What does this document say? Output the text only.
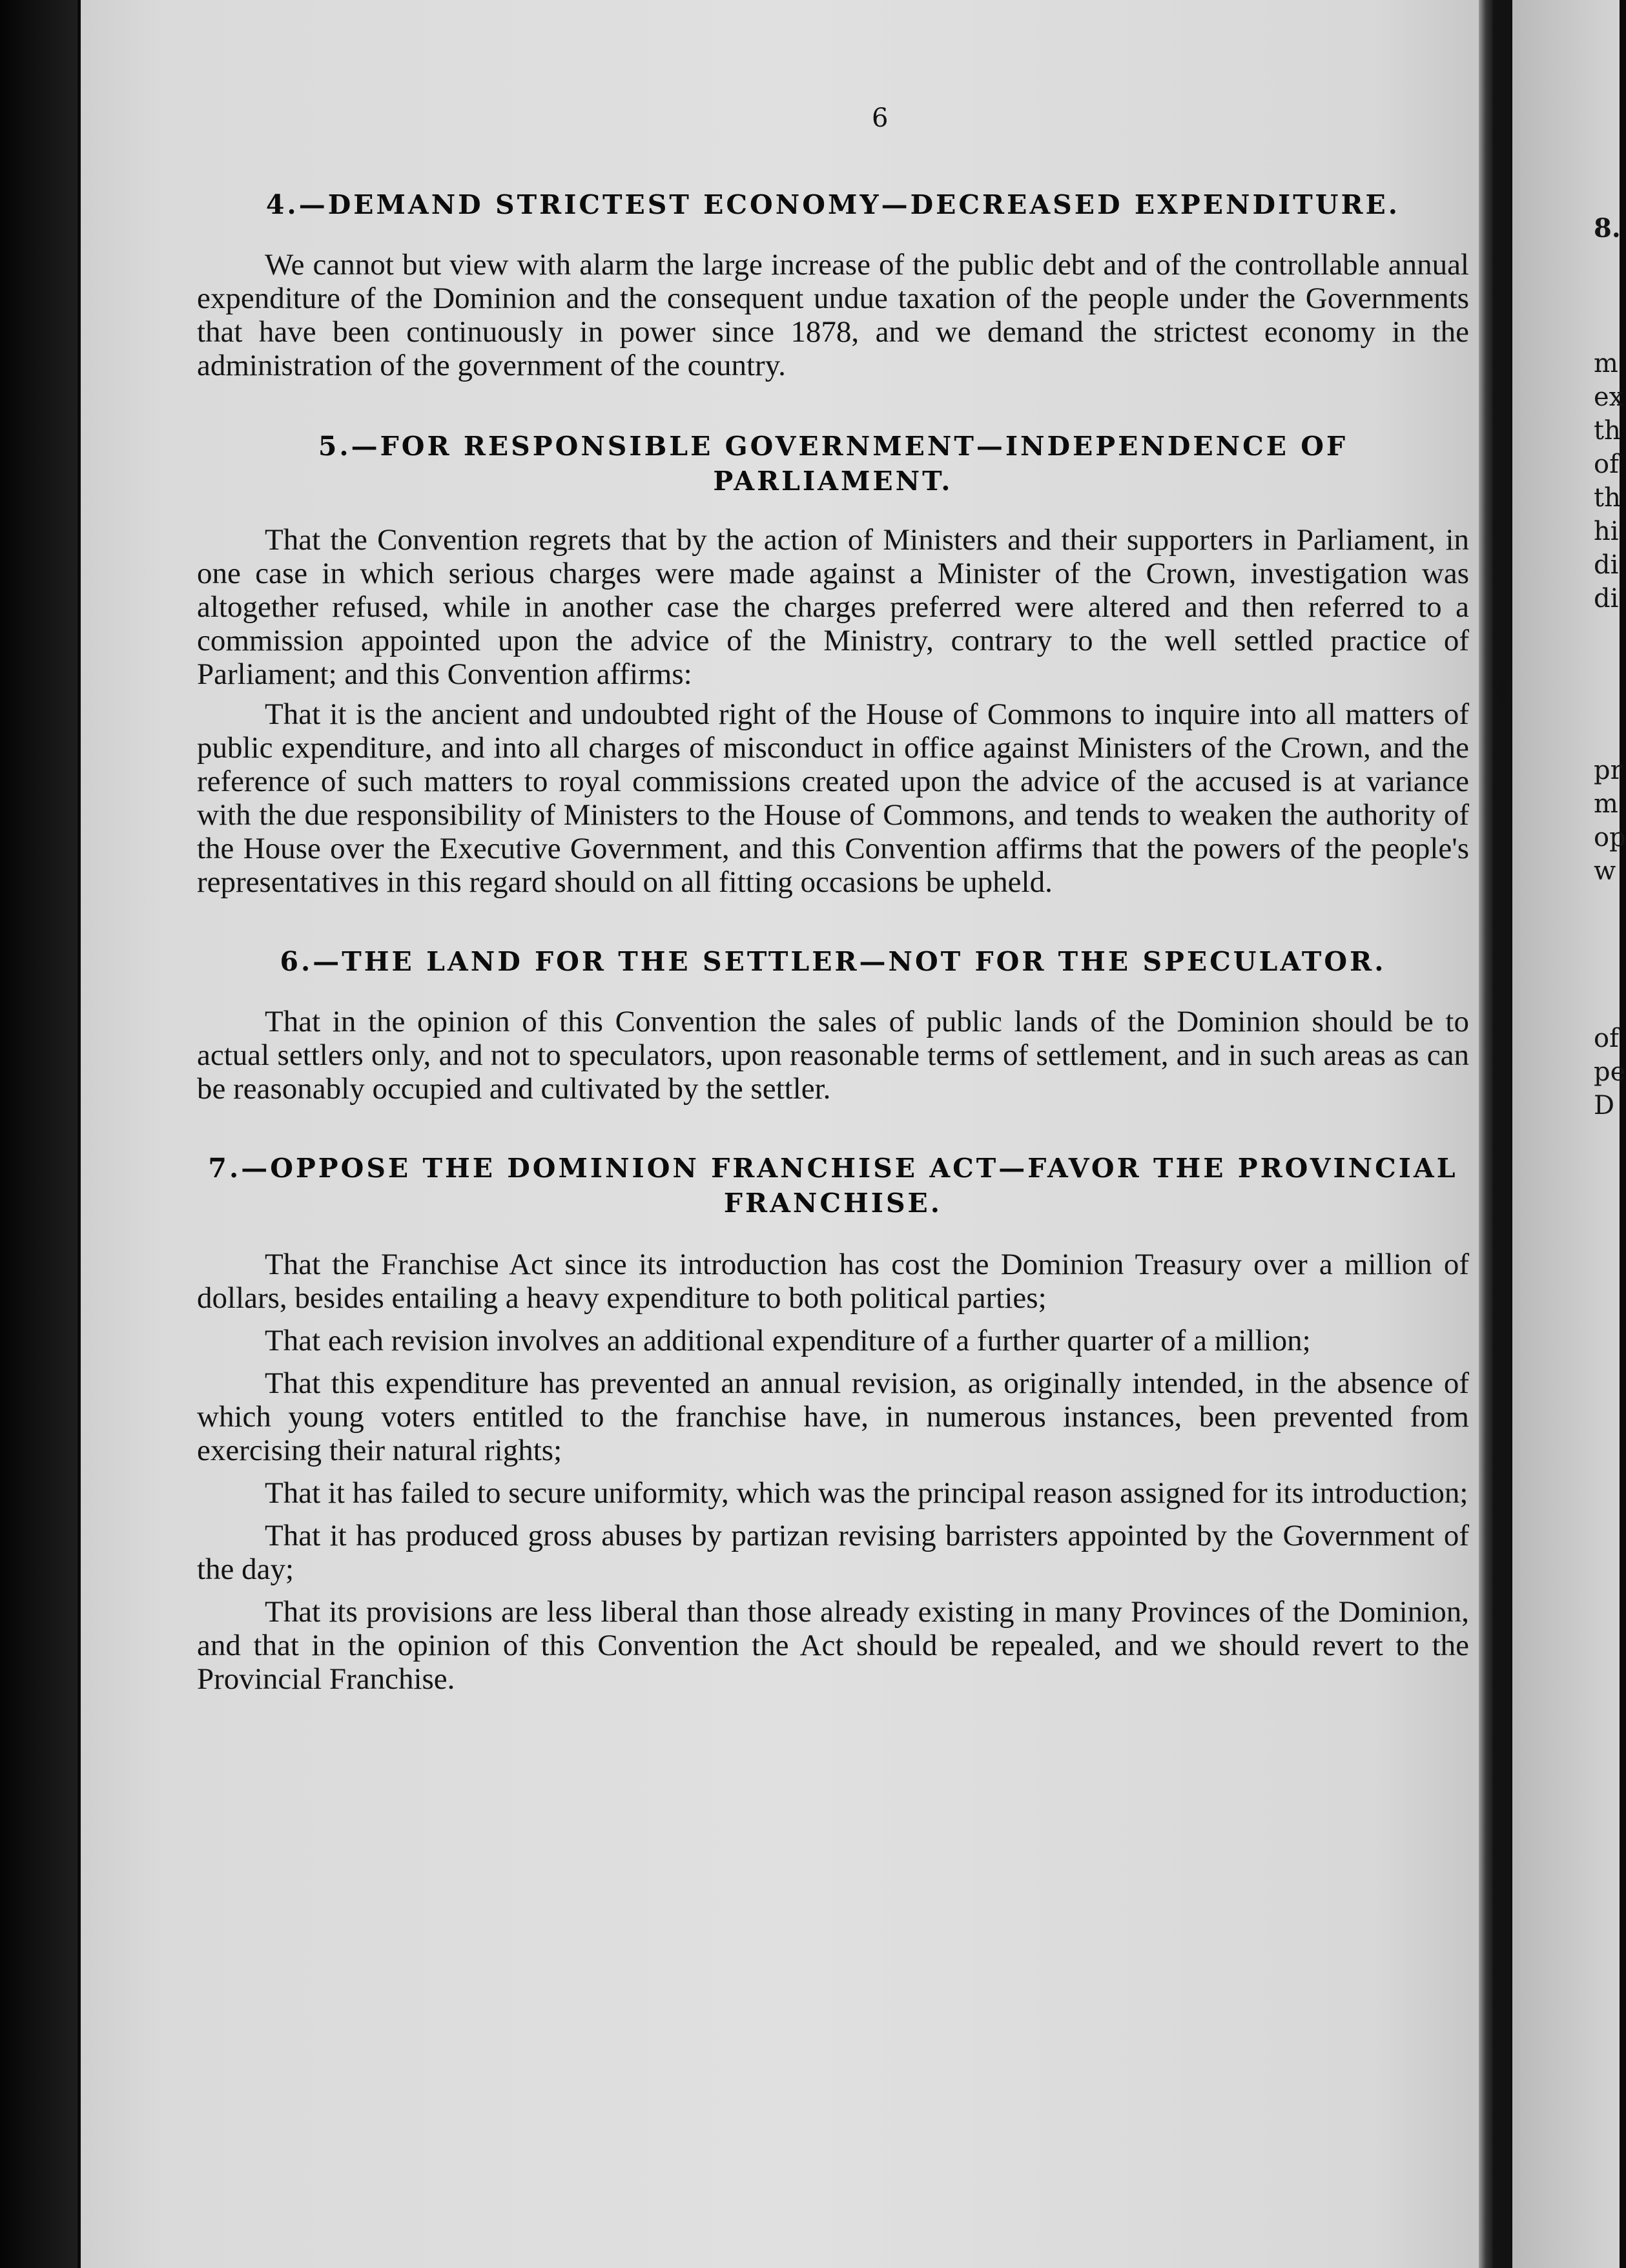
6
4.—DEMAND STRICTEST ECONOMY—DECREASED EXPENDITURE.

We cannot but view with alarm the large increase of the public debt and of the controllable annual expenditure of the Dominion and the consequent undue taxation of the people under the Governments that have been continuously in power since 1878, and we demand the strictest economy in the administration of the government of the country.

5.—FOR RESPONSIBLE GOVERNMENT—INDEPENDENCE OF PARLIAMENT.

That the Convention regrets that by the action of Ministers and their supporters in Parliament, in one case in which serious charges were made against a Minister of the Crown, investigation was altogether refused, while in another case the charges preferred were altered and then referred to a commission appointed upon the advice of the Ministry, contrary to the well settled practice of Parliament; and this Convention affirms:

That it is the ancient and undoubted right of the House of Commons to inquire into all matters of public expenditure, and into all charges of misconduct in office against Ministers of the Crown, and the reference of such matters to royal commissions created upon the advice of the accused is at variance with the due responsibility of Ministers to the House of Commons, and tends to weaken the authority of the House over the Executive Government, and this Convention affirms that the powers of the people's representatives in this regard should on all fitting occasions be upheld.

6.—THE LAND FOR THE SETTLER—NOT FOR THE SPECULATOR.

That in the opinion of this Convention the sales of public lands of the Dominion should be to actual settlers only, and not to speculators, upon reasonable terms of settlement, and in such areas as can be reasonably occupied and cultivated by the settler.

7.—OPPOSE THE DOMINION FRANCHISE ACT—FAVOR THE PROVINCIAL FRANCHISE.

That the Franchise Act since its introduction has cost the Dominion Treasury over a million of dollars, besides entailing a heavy expenditure to both political parties;

That each revision involves an additional expenditure of a further quarter of a million;

That this expenditure has prevented an annual revision, as originally intended, in the absence of which young voters entitled to the franchise have, in numerous instances, been prevented from exercising their natural rights;

That it has failed to secure uniformity, which was the principal reason assigned for its introduction;

That it has produced gross abuses by partizan revising barristers appointed by the Government of the day;

That its provisions are less liberal than those already existing in many Provinces of the Dominion, and that in the opinion of this Convention the Act should be repealed, and we should revert to the Provincial Franchise.

8.
m
ex
th
of
th
hi
di
di
pr
m
op
w
of
pe
D
